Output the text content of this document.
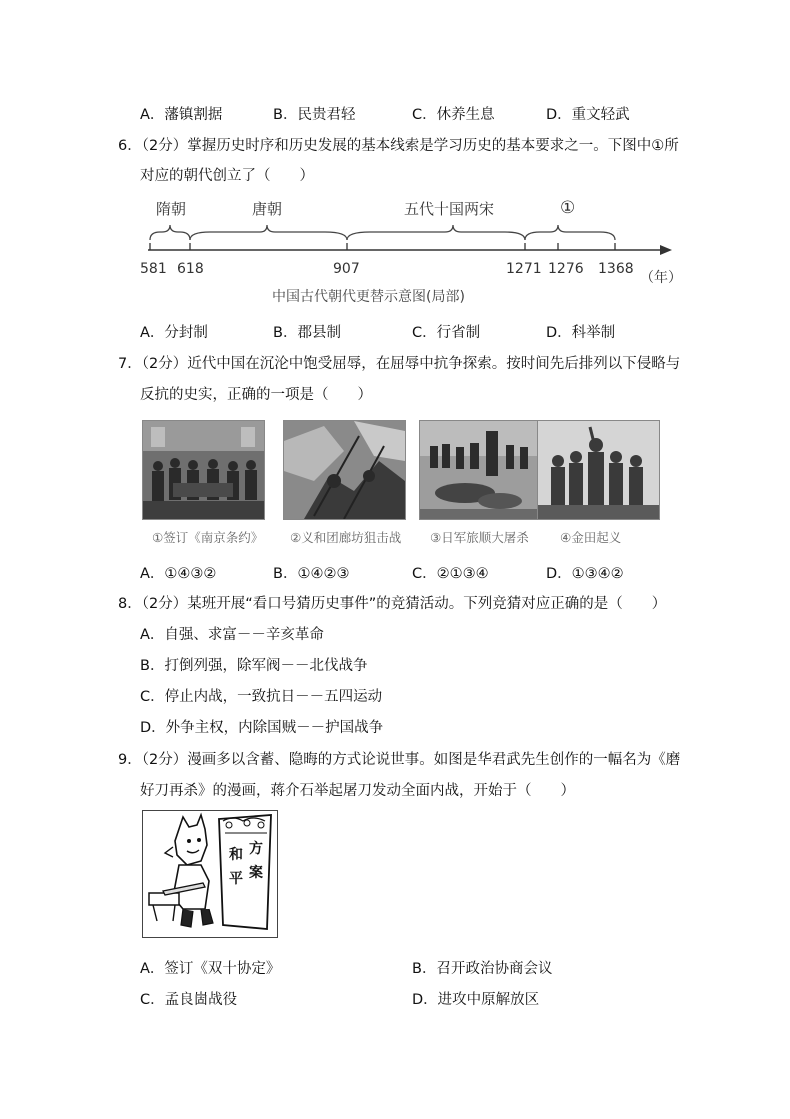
A．藩镇割据	B．民贵君轻	C．休养生息	D．重文轻武
6．（2分）掌握历史时序和历史发展的基本线索是学习历史的基本要求之一。下图中①所
对应的朝代创立了（　　）
隋朝	唐朝	五代十国两宋	①
581 618	907	1271 1276 1368
（年）
中国古代朝代更替示意图(局部)
A．分封制	B．郡县制	C．行省制	D．科举制
7．（2分）近代中国在沉沦中饱受屈辱，在屈辱中抗争探索。按时间先后排列以下侵略与
反抗的史实，正确的一项是（　　）
①签订《南京条约》 ②义和团廊坊狙击战 ③日军旅顺大屠杀	④金田起义
A．①④③②	B．①④②③	C．②①③④	D．①③④②
8．（2分）某班开展“看口号猜历史事件”的竞猜活动。下列竞猜对应正确的是（　　）
A．自强、求富－－辛亥革命
B．打倒列强，除军阀－－北伐战争
C．停止内战，一致抗日－－五四运动
D．外争主权，内除国贼－－护国战争
9．（2分）漫画多以含蓄、隐晦的方式论说世事。如图是华君武先生创作的一幅名为《磨
好刀再杀》的漫画，蒋介石举起屠刀发动全面内战，开始于（　　）
和
平
方
案
A．签订《双十协定》	B．召开政治协商会议
C．孟良崮战役	D．进攻中原解放区
